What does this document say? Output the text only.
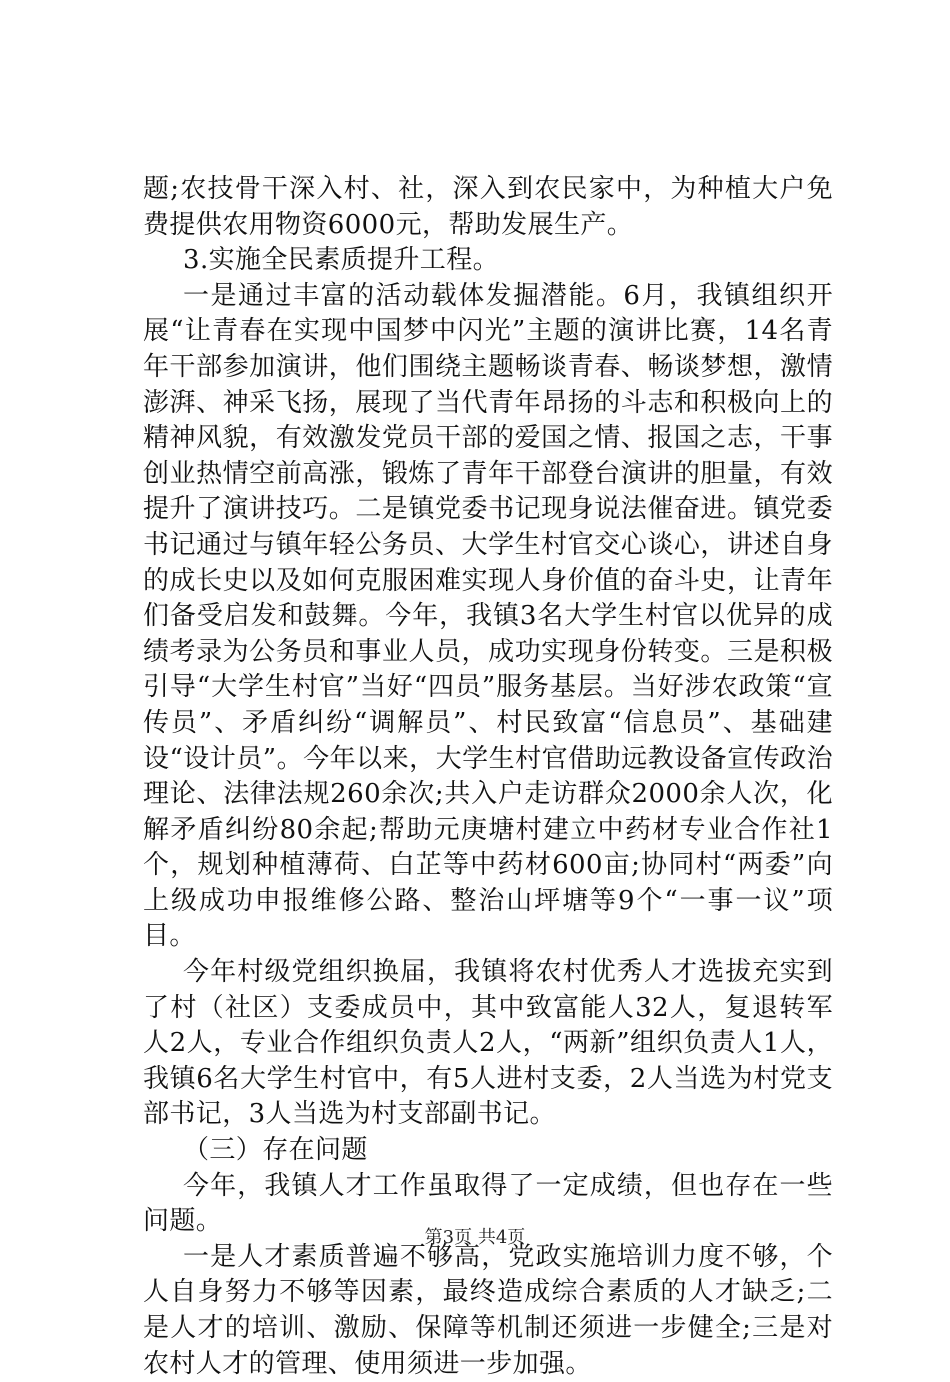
题;农技骨干深入村、社，深入到农民家中，为种植大户免费提供农用物资6000元，帮助发展生产。

3.实施全民素质提升工程。

一是通过丰富的活动载体发掘潜能。6月，我镇组织开展“让青春在实现中国梦中闪光”主题的演讲比赛，14名青年干部参加演讲，他们围绕主题畅谈青春、畅谈梦想，激情澎湃、神采飞扬，展现了当代青年昂扬的斗志和积极向上的精神风貌，有效激发党员干部的爱国之情、报国之志，干事创业热情空前高涨，锻炼了青年干部登台演讲的胆量，有效提升了演讲技巧。二是镇党委书记现身说法催奋进。镇党委书记通过与镇年轻公务员、大学生村官交心谈心，讲述自身的成长史以及如何克服困难实现人身价值的奋斗史，让青年们备受启发和鼓舞。今年，我镇3名大学生村官以优异的成绩考录为公务员和事业人员，成功实现身份转变。三是积极引导“大学生村官”当好“四员”服务基层。当好涉农政策“宣传员”、矛盾纠纷“调解员”、村民致富“信息员”、基础建设“设计员”。今年以来，大学生村官借助远教设备宣传政治理论、法律法规260余次;共入户走访群众2000余人次，化解矛盾纠纷80余起;帮助元庚塘村建立中药材专业合作社1个，规划种植薄荷、白芷等中药材600亩;协同村“两委”向上级成功申报维修公路、整治山坪塘等9个“一事一议”项目。

今年村级党组织换届，我镇将农村优秀人才选拔充实到了村（社区）支委成员中，其中致富能人32人，复退转军人2人，专业合作组织负责人2人，“两新”组织负责人1人，我镇6名大学生村官中，有5人进村支委，2人当选为村党支部书记，3人当选为村支部副书记。

（三）存在问题

今年，我镇人才工作虽取得了一定成绩，但也存在一些问题。

一是人才素质普遍不够高，党政实施培训力度不够，个人自身努力不够等因素，最终造成综合素质的人才缺乏;二是人才的培训、激励、保障等机制还须进一步健全;三是对农村人才的管理、使用须进一步加强。

第3页 共4页
